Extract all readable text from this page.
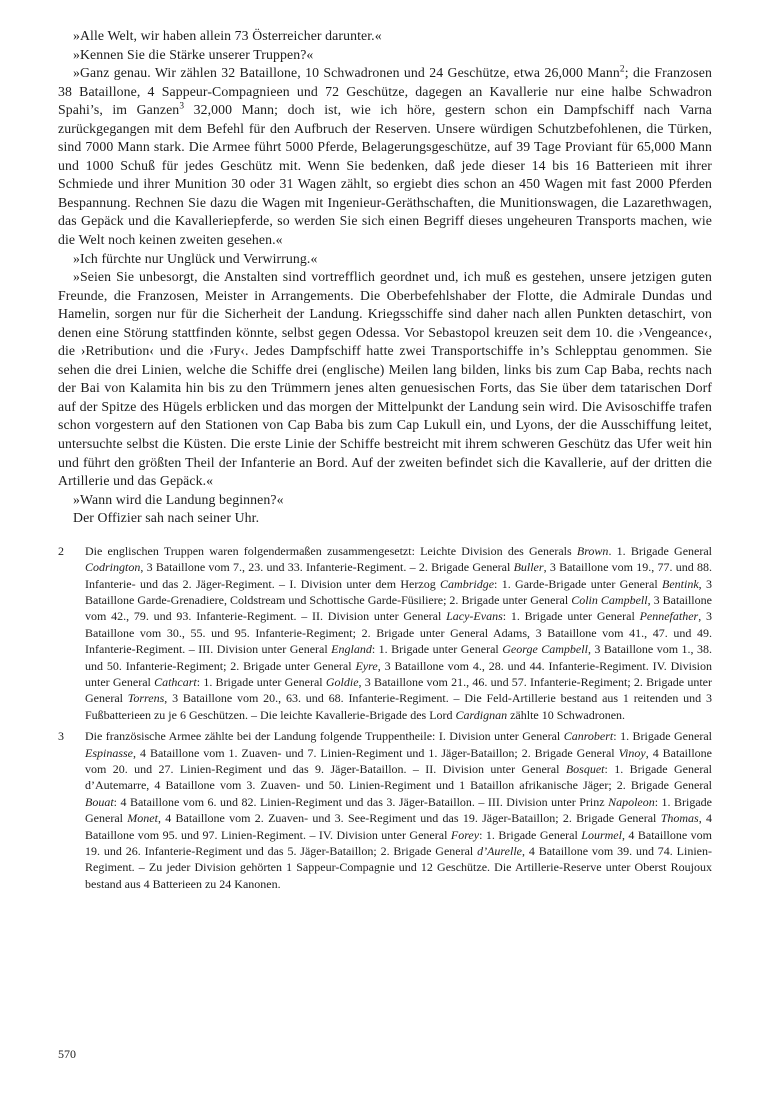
»Alle Welt, wir haben allein 73 Österreicher darunter.«

»Kennen Sie die Stärke unserer Truppen?«

»Ganz genau. Wir zählen 32 Bataillone, 10 Schwadronen und 24 Geschütze, etwa 26,000 Mann$^2$; die Franzosen 38 Bataillone, 4 Sappeur-Compagnieen und 72 Geschütze, dagegen an Kavallerie nur eine halbe Schwadron Spahi’s, im Ganzen$^3$ 32,000 Mann; doch ist, wie ich höre, gestern schon ein Dampfschiff nach Varna zurückgegangen mit dem Befehl für den Aufbruch der Reserven. Unsere würdigen Schutzbefohlenen, die Türken, sind 7000 Mann stark. Die Armee führt 5000 Pferde, Belagerungsgeschütze, auf 39 Tage Proviant für 65,000 Mann und 1000 Schuß für jedes Geschütz mit. Wenn Sie bedenken, daß jede dieser 14 bis 16 Batterieen mit ihrer Schmiede und ihrer Munition 30 oder 31 Wagen zählt, so ergiebt dies schon an 450 Wagen mit fast 2000 Pferden Bespannung. Rechnen Sie dazu die Wagen mit Ingenieur-Geräthschaften, die Munitionswagen, die Lazarethwagen, das Gepäck und die Kavalleriepferde, so werden Sie sich einen Begriff dieses ungeheuren Transports machen, wie die Welt noch keinen zweiten gesehen.«

»Ich fürchte nur Unglück und Verwirrung.«

»Seien Sie unbesorgt, die Anstalten sind vortrefflich geordnet und, ich muß es gestehen, unsere jetzigen guten Freunde, die Franzosen, Meister in Arrangements. Die Oberbefehlshaber der Flotte, die Admirale Dundas und Hamelin, sorgen nur für die Sicherheit der Landung. Kriegsschiffe sind daher nach allen Punkten detaschirt, von denen eine Störung stattfinden könnte, selbst gegen Odessa. Vor Sebastopol kreuzen seit dem 10. die ›Vengeance‹, die ›Retribution‹ und die ›Fury‹. Jedes Dampfschiff hatte zwei Transportschiffe in’s Schlepptau genommen. Sie sehen die drei Linien, welche die Schiffe drei (englische) Meilen lang bilden, links bis zum Cap Baba, rechts nach der Bai von Kalamita hin bis zu den Trümmern jenes alten genuesischen Forts, das Sie über dem tatarischen Dorf auf der Spitze des Hügels erblicken und das morgen der Mittelpunkt der Landung sein wird. Die Avisoschiffe trafen schon vorgestern auf den Stationen von Cap Baba bis zum Cap Lukull ein, und Lyons, der die Ausschiffung leitet, untersuchte selbst die Küsten. Die erste Linie der Schiffe bestreicht mit ihrem schweren Geschütz das Ufer weit hin und führt den größten Theil der Infanterie an Bord. Auf der zweiten befindet sich die Kavallerie, auf der dritten die Artillerie und das Gepäck.«

»Wann wird die Landung beginnen?«

Der Offizier sah nach seiner Uhr.

2 Die englischen Truppen waren folgendermaßen zusammengesetzt: Leichte Division des Generals Brown. 1. Brigade General Codrington, 3 Bataillone vom 7., 23. und 33. Infanterie-Regiment. – 2. Brigade General Buller, 3 Bataillone vom 19., 77. und 88. Infanterie- und das 2. Jäger-Regiment. – I. Division unter dem Herzog Cambridge: 1. Garde-Brigade unter General Bentink, 3 Bataillone Garde-Grenadiere, Coldstream und Schottische Garde-Füsiliere; 2. Brigade unter General Colin Campbell, 3 Bataillone vom 42., 79. und 93. Infanterie-Regiment. – II. Division unter General Lacy-Evans: 1. Brigade unter General Pennefather, 3 Bataillone vom 30., 55. und 95. Infanterie-Regiment; 2. Brigade unter General Adams, 3 Bataillone vom 41., 47. und 49. Infanterie-Regiment. – III. Division unter General England: 1. Brigade unter General George Campbell, 3 Bataillone vom 1., 38. und 50. Infanterie-Regiment; 2. Brigade unter General Eyre, 3 Bataillone vom 4., 28. und 44. Infanterie-Regiment. IV. Division unter General Cathcart: 1. Brigade unter General Goldie, 3 Bataillone vom 21., 46. und 57. Infanterie-Regiment; 2. Brigade unter General Torrens, 3 Bataillone vom 20., 63. und 68. Infanterie-Regiment. – Die Feld-Artillerie bestand aus 1 reitenden und 3 Fußbatterieen zu je 6 Geschützen. – Die leichte Kavallerie-Brigade des Lord Cardignan zählte 10 Schwadronen.
3 Die französische Armee zählte bei der Landung folgende Truppentheile: I. Division unter General Canrobert: 1. Brigade General Espinasse, 4 Bataillone vom 1. Zuaven- und 7. Linien-Regiment und 1. Jäger-Bataillon; 2. Brigade General Vinoy, 4 Bataillone vom 20. und 27. Linien-Regiment und das 9. Jäger-Bataillon. – II. Division unter General Bosquet: 1. Brigade General d’Autemarre, 4 Bataillone vom 3. Zuaven- und 50. Linien-Regiment und 1 Bataillon afrikanische Jäger; 2. Brigade General Bouat: 4 Bataillone vom 6. und 82. Linien-Regiment und das 3. Jäger-Bataillon. – III. Division unter Prinz Napoleon: 1. Brigade General Monet, 4 Bataillone vom 2. Zuaven- und 3. See-Regiment und das 19. Jäger-Bataillon; 2. Brigade General Thomas, 4 Bataillone vom 95. und 97. Linien-Regiment. – IV. Division unter General Forey: 1. Brigade General Lourmel, 4 Bataillone vom 19. und 26. Infanterie-Regiment und das 5. Jäger-Bataillon; 2. Brigade General d’Aurelle, 4 Bataillone vom 39. und 74. Linien-Regiment. – Zu jeder Division gehörten 1 Sappeur-Compagnie und 12 Geschütze. Die Artillerie-Reserve unter Oberst Roujoux bestand aus 4 Batterieen zu 24 Kanonen.
570
